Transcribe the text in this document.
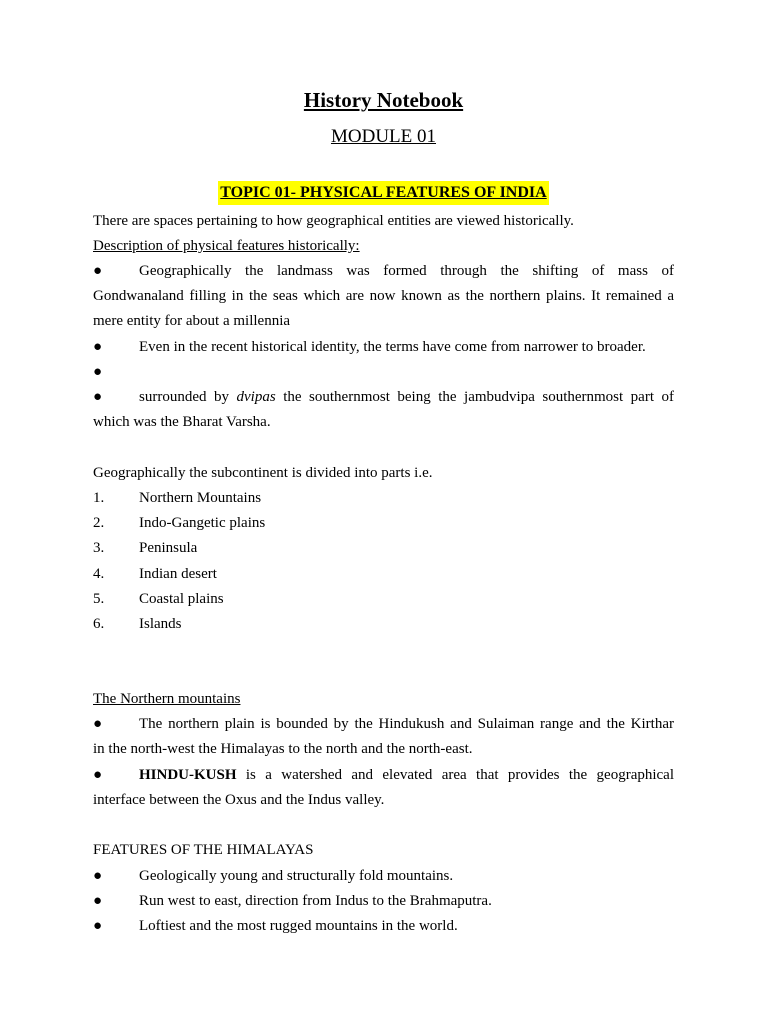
History Notebook
MODULE 01
TOPIC 01- PHYSICAL FEATURES OF INDIA
There are spaces pertaining to how geographical entities are viewed historically.
Description of physical features historically:
●	Geographically the landmass was formed through the shifting of mass of
Gondwanaland filling in the seas which are now known as the northern plains. It remained a
mere entity for about a millennia
●	Even in the recent historical identity, the terms have come from narrower to broader.
●
●	surrounded by dvipas the southernmost being the jambudvipa southernmost part of
which was the Bharat Varsha.
Geographically the subcontinent is divided into parts i.e.
1.	Northern Mountains
2.	Indo-Gangetic plains
3.	Peninsula
4.	Indian desert
5.	Coastal plains
6.	Islands
The Northern mountains
●	The northern plain is bounded by the Hindukush and Sulaiman range and the Kirthar
in the north-west the Himalayas to the north and the north-east.
●	HINDU-KUSH is a watershed and elevated area that provides the geographical
interface between the Oxus and the Indus valley.
FEATURES OF THE HIMALAYAS
●	Geologically young and structurally fold mountains.
●	Run west to east, direction from Indus to the Brahmaputra.
●	Loftiest and the most rugged mountains in the world.
